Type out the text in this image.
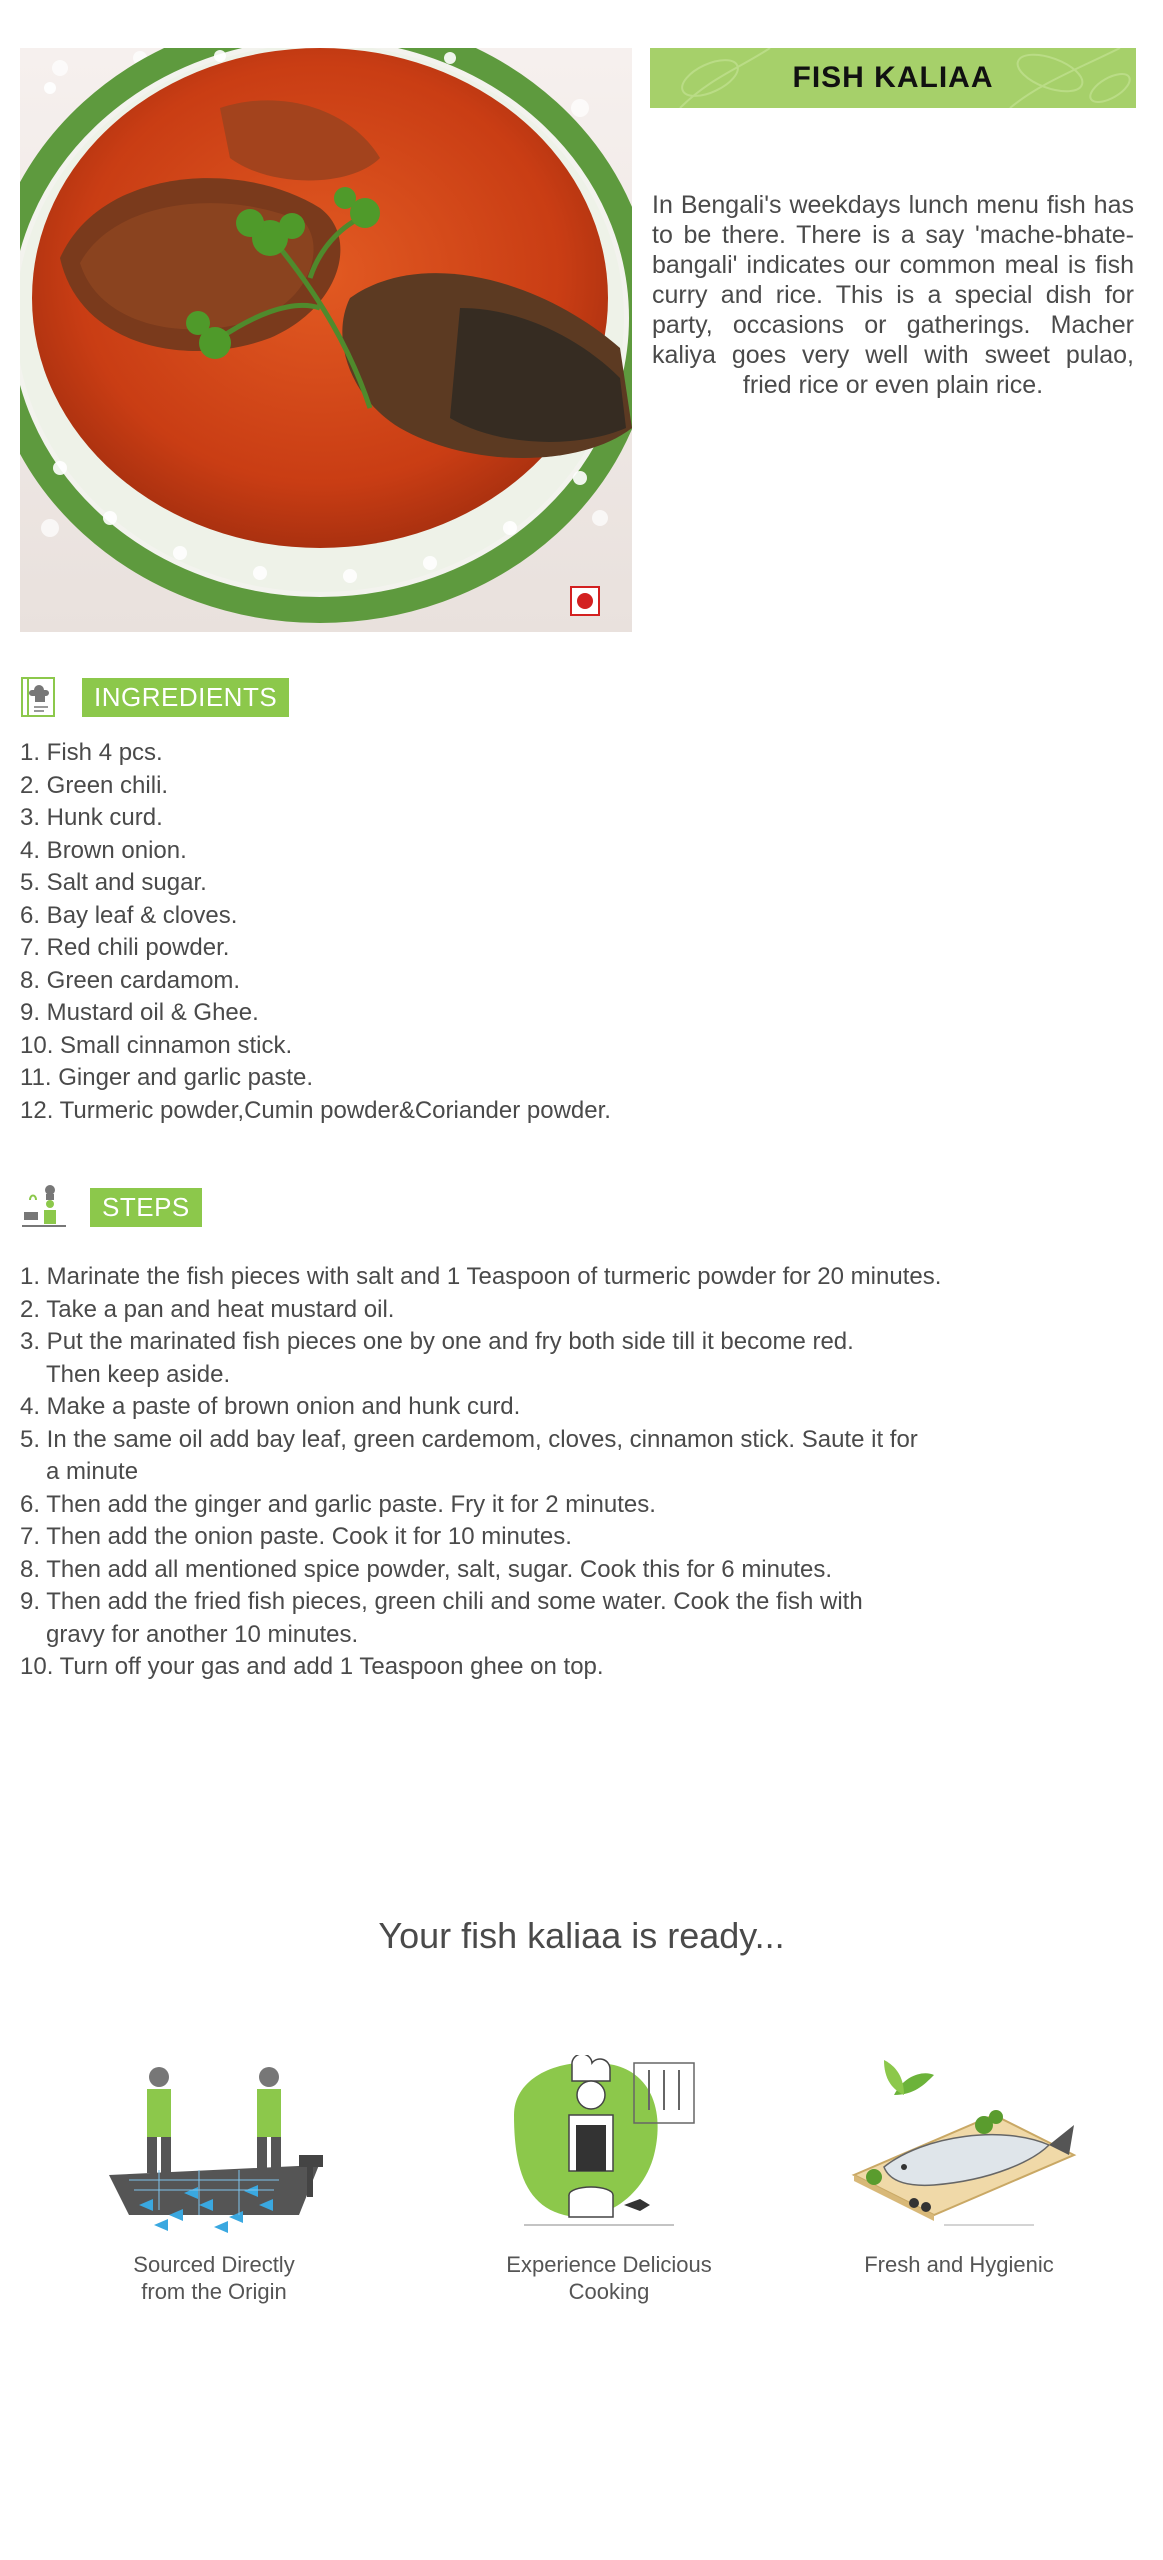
FISH KALIAA
In Bengali's weekdays lunch menu fish has to be there. There is a say 'mache-bhate-bangali' indicates our common meal is fish curry and rice. This is a special dish for party, occasions or gatherings. Macher kaliya goes very well with sweet pulao, fried rice or even plain rice.
INGREDIENTS
1. Fish 4 pcs.
2. Green chili.
3. Hunk curd.
4. Brown onion.
5. Salt and sugar.
6. Bay leaf & cloves.
7. Red chili powder.
8. Green cardamom.
9. Mustard oil & Ghee.
10. Small cinnamon stick.
11. Ginger and garlic paste.
12. Turmeric powder,Cumin powder&Coriander powder.
STEPS
1. Marinate the fish pieces with salt and 1 Teaspoon of turmeric powder for 20 minutes.
2. Take a pan and heat mustard oil.
3. Put the marinated fish pieces one by one and fry both side till it become red.
Then keep aside.
4. Make a paste of brown onion and hunk curd.
5. In the same oil add bay leaf, green cardemom, cloves, cinnamon stick. Saute it for
a minute
6. Then add the ginger and garlic paste. Fry it for 2 minutes.
7. Then add the onion paste. Cook it for 10 minutes.
8. Then add all mentioned spice powder, salt, sugar. Cook this for 6 minutes.
9. Then add the fried fish pieces, green chili and some water. Cook the fish with
gravy for another 10 minutes.
10. Turn off your gas and add 1 Teaspoon ghee on top.
Your fish kaliaa is ready...
Sourced Directly
from the Origin
Experience Delicious
Cooking
Fresh and Hygienic
